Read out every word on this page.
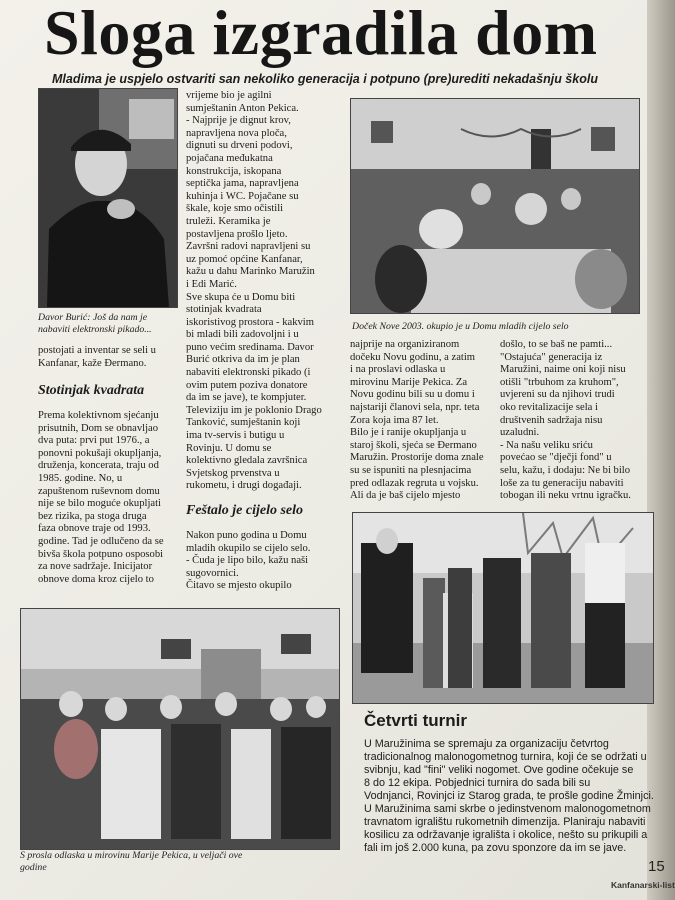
Sloga izgradila dom
Mladima je uspjelo ostvariti san nekoliko generacija i potpuno (pre)urediti nekadašnju školu
Davor Burić: Još da nam je
nabaviti elektronski pikado...
postojati a inventar se seli u
Kanfanar, kaže Đermano.
Stotinjak kvadrata
Prema kolektivnom sjećanju
prisutnih, Dom se obnavljao
dva puta: prvi put 1976., a
ponovni pokušaji okupljanja,
druženja, koncerata, traju od
1985. godine. No, u
zapuštenom ruševnom domu
nije se bilo moguće okupljati
bez rizika, pa stoga druga
faza obnove traje od 1993.
godine. Tad je odlučeno da se
bivša škola potpuno osposobi
za nove sadržaje. Inicijator
obnove doma kroz cijelo to
vrijeme bio je agilni
sumještanin Anton Pekica.
- Najprije je dignut krov,
napravljena nova ploča,
dignuti su drveni podovi,
pojačana međukatna
konstrukcija, iskopana
septička jama, napravljena
kuhinja i WC. Pojačane su
škale, koje smo očistili
truleži. Keramika je
postavljena prošlo ljeto.
Završni radovi napravljeni su
uz pomoć općine Kanfanar,
kažu u dahu Marinko Maružin
i Edi Marić.
Sve skupa će u Domu biti
stotinjak kvadrata
iskoristivog prostora - kakvim
bi mladi bili zadovoljni i u
puno većim sredinama. Davor
Burić otkriva da im je plan
nabaviti elektronski pikado (i
ovim putem poziva donatore
da im se jave), te kompjuter.
Televiziju im je poklonio Drago
Tanković, sumještanin koji
ima tv-servis i butigu u
Rovinju. U domu se
kolektivno gledala završnica
Svjetskog prvenstva u
rukometu, i drugi događaji.
Feštalo je cijelo selo
Nakon puno godina u Domu
mladih okupilo se cijelo selo.
- Čuda je lipo bilo, kažu naši
sugovornici.
Čitavo se mjesto okupilo
Doček Nove 2003. okupio je u Domu mladih cijelo selo
najprije na organiziranom
dočeku Novu godinu, a zatim
i na proslavi odlaska u
mirovinu Marije Pekica. Za
Novu godinu bili su u domu i
najstariji članovi sela, npr. teta
Zora koja ima 87 let.
Bilo je i ranije okupljanja u
staroj školi, sjeća se Đermano
Maružin. Prostorije doma znale
su se ispuniti na plesnjacima
pred odlazak regruta u vojsku.
Ali da je baš cijelo mjesto
došlo, to se baš ne pamti...
"Ostajuća" generacija iz
Maružini, naime oni koji nisu
otišli "trbuhom za kruhom",
uvjereni su da njihovi trudi
oko revitalizacije sela i
društvenih sadržaja nisu
uzaludni.
- Na našu veliku sriću
povećao se "dječji fond" u
selu, kažu, i dodaju: Ne bi bilo
loše za tu generaciju nabaviti
tobogan ili neku vrtnu igračku.
S prosla odlaska u mirovinu Marije Pekica, u veljači ove
godine
Četvrti turnir
U Maružinima se spremaju za organizaciju četvrtog
tradicionalnog malonogometnog turnira, koji će se održati u
svibnju, kad "fini" veliki nogomet. Ove godine očekuje se
8 do 12 ekipa. Pobjednici turnira do sada bili su
Vodnjanci, Rovinjci iz Starog grada, te prošle godine Žminjci.
U Maružinima sami skrbe o jedinstvenom malonogometnom
travnatom igralištu rukometnih dimenzija. Planiraju nabaviti
kosilicu za održavanje igrališta i okolice, nešto su prikupili a
fali im još 2.000 kuna, pa zovu sponzore da im se jave.
15
Kanfanarski-list
